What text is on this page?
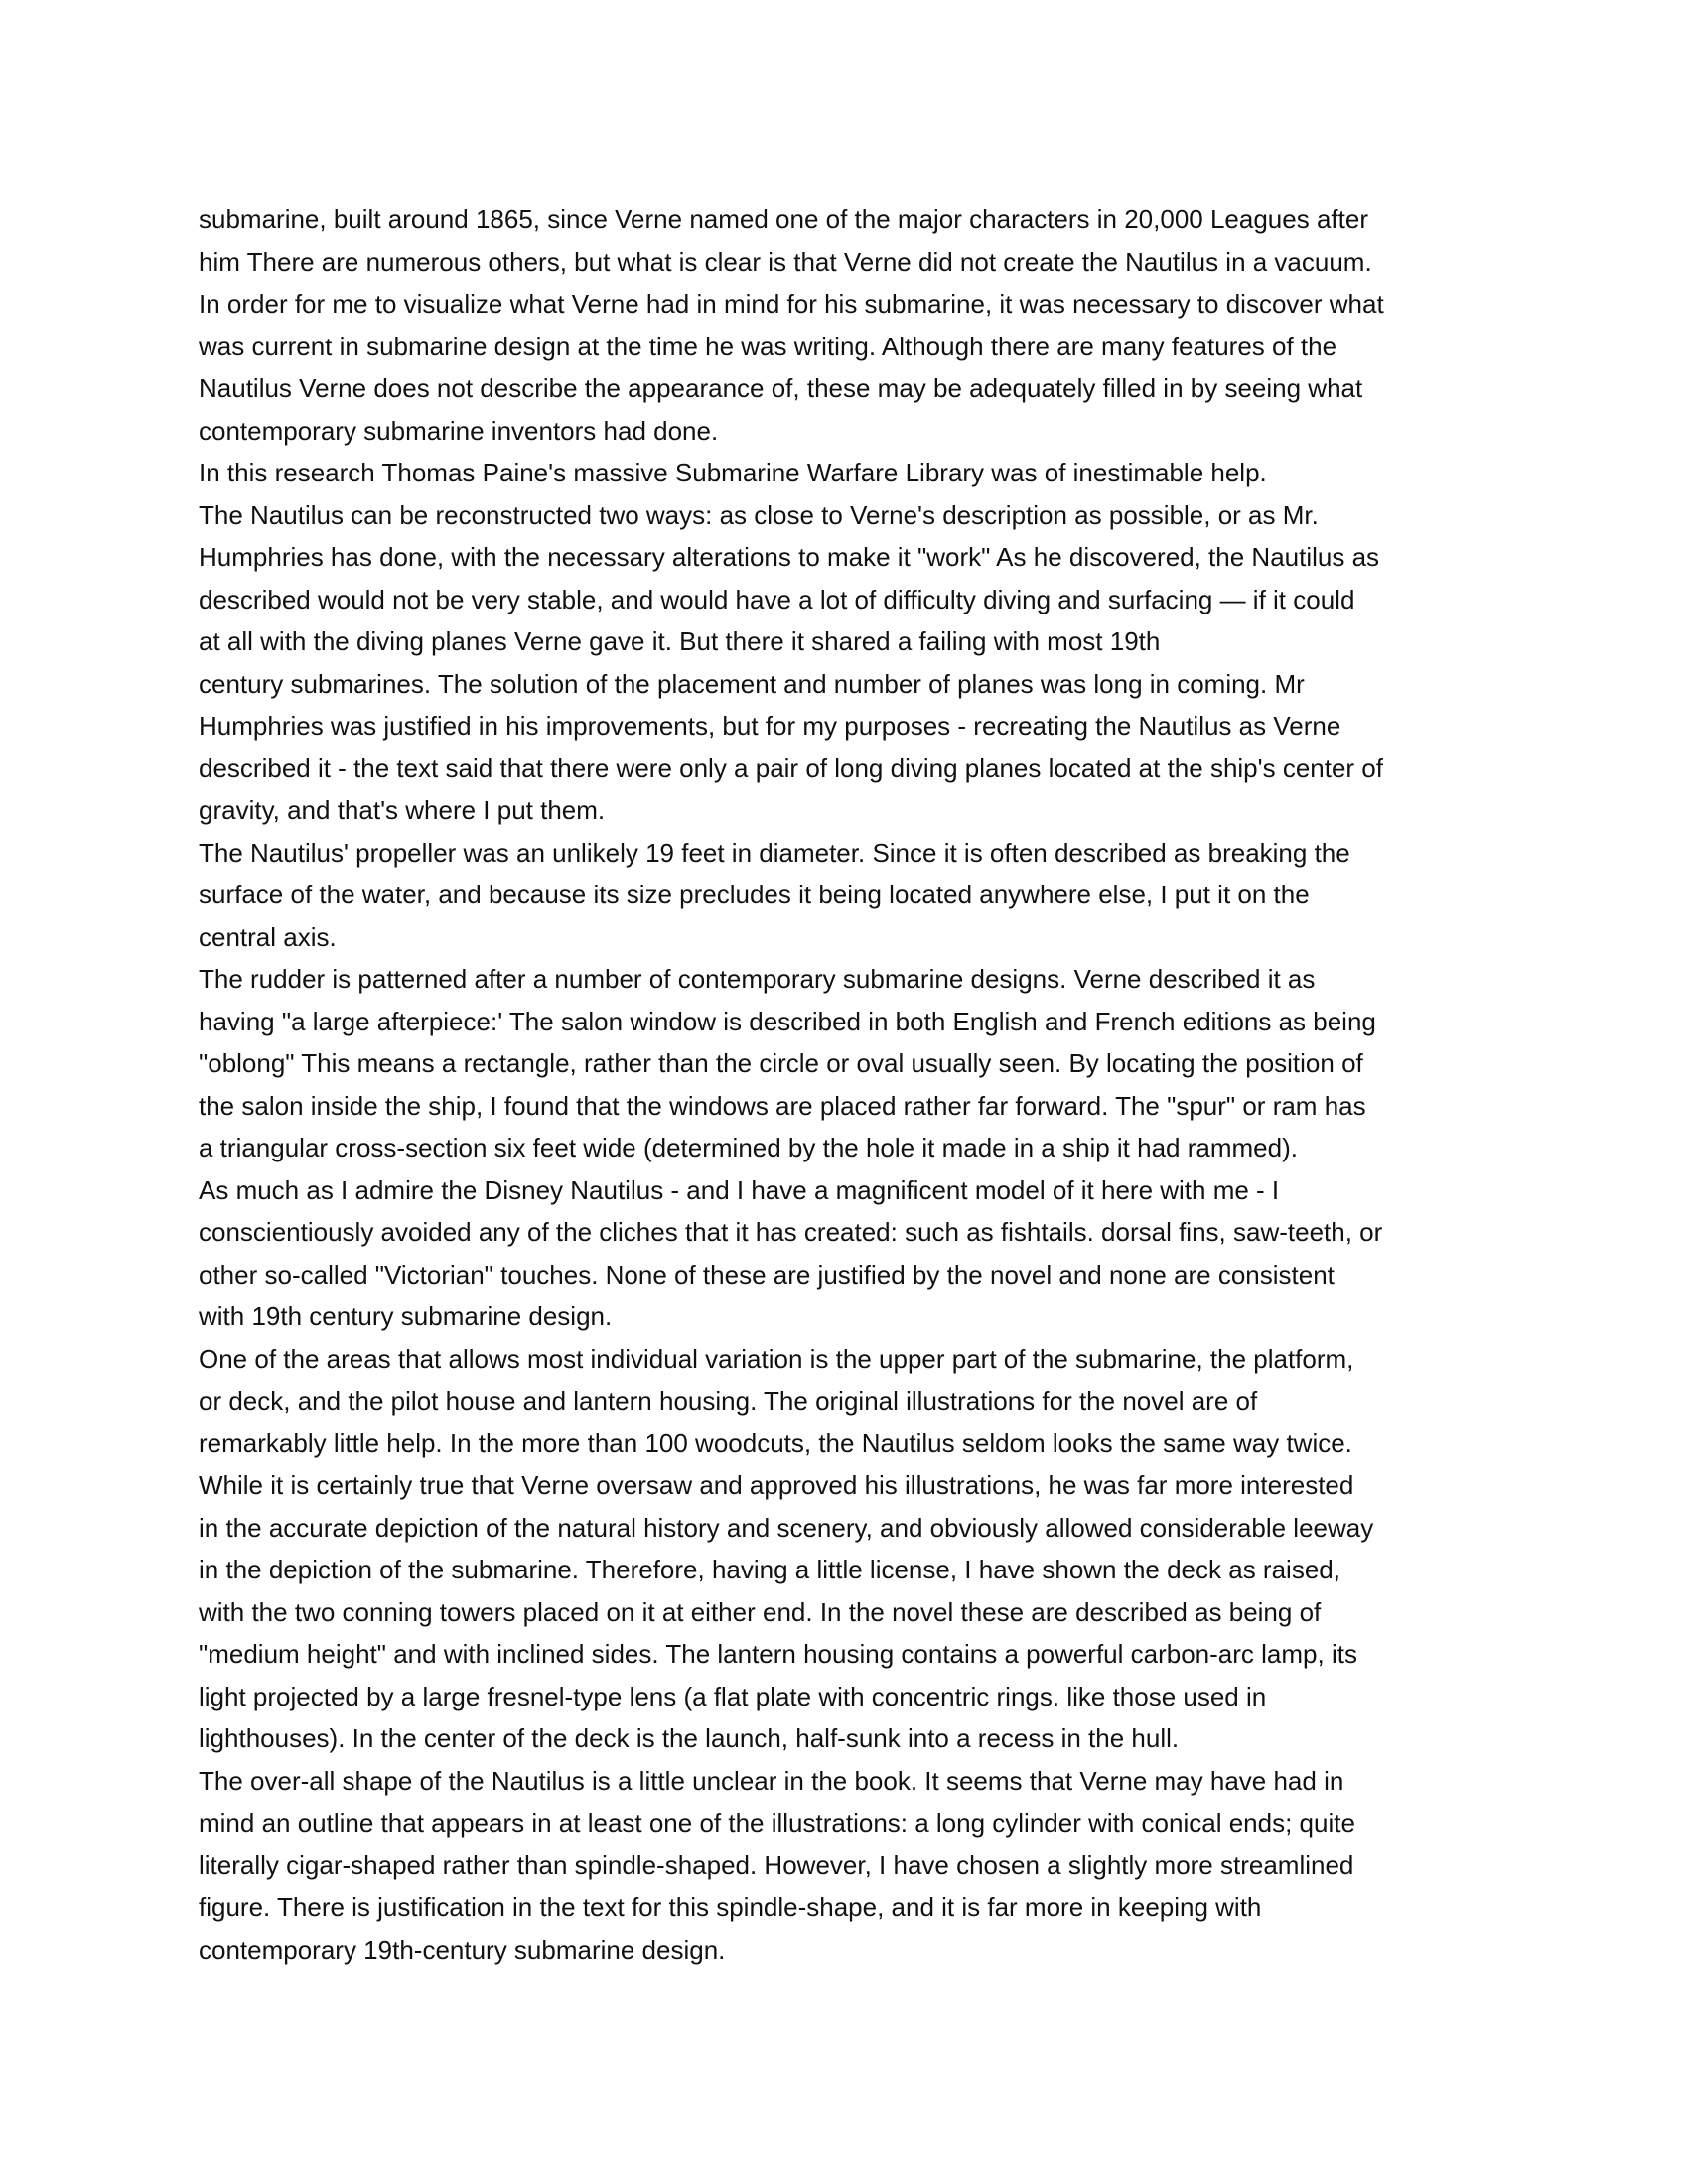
submarine, built around 1865, since Verne named one of the major characters in 20,000 Leagues after
him There are numerous others, but what is clear is that Verne did not create the Nautilus in a vacuum.
In order for me to visualize what Verne had in mind for his submarine, it was necessary to discover what
was current in submarine design at the time he was writing. Although there are many features of the
Nautilus Verne does not describe the appearance of, these may be adequately filled in by seeing what
contemporary submarine inventors had done.
In this research Thomas Paine's massive Submarine Warfare Library was of inestimable help.
The Nautilus can be reconstructed two ways: as close to Verne's description as possible, or as Mr.
Humphries has done, with the necessary alterations to make it "work" As he discovered, the Nautilus as
described would not be very stable, and would have a lot of difficulty diving and surfacing — if it could
at all with the diving planes Verne gave it. But there it shared a failing with most 19th
century submarines. The solution of the placement and number of planes was long in coming. Mr
Humphries was justified in his improvements, but for my purposes - recreating the Nautilus as Verne
described it - the text said that there were only a pair of long diving planes located at the ship's center of
gravity, and that's where I put them.
The Nautilus' propeller was an unlikely 19 feet in diameter. Since it is often described as breaking the
surface of the water, and because its size precludes it being located anywhere else, I put it on the
central axis.
The rudder is patterned after a number of contemporary submarine designs. Verne described it as
having "a large afterpiece:' The salon window is described in both English and French editions as being
"oblong" This means a rectangle, rather than the circle or oval usually seen. By locating the position of
the salon inside the ship, I found that the windows are placed rather far forward. The "spur" or ram has
a triangular cross-section six feet wide (determined by the hole it made in a ship it had rammed).
As much as I admire the Disney Nautilus - and I have a magnificent model of it here with me - I
conscientiously avoided any of the cliches that it has created: such as fishtails. dorsal fins, saw-teeth, or
other so-called "Victorian" touches. None of these are justified by the novel and none are consistent
with 19th century submarine design.
One of the areas that allows most individual variation is the upper part of the submarine, the platform,
or deck, and the pilot house and lantern housing. The original illustrations for the novel are of
remarkably little help. In the more than 100 woodcuts, the Nautilus seldom looks the same way twice.
While it is certainly true that Verne oversaw and approved his illustrations, he was far more interested
in the accurate depiction of the natural history and scenery, and obviously allowed considerable leeway
in the depiction of the submarine. Therefore, having a little license, I have shown the deck as raised,
with the two conning towers placed on it at either end. In the novel these are described as being of
"medium height" and with inclined sides. The lantern housing contains a powerful carbon-arc lamp, its
light projected by a large fresnel-type lens (a flat plate with concentric rings. like those used in
lighthouses). In the center of the deck is the launch, half-sunk into a recess in the hull.
The over-all shape of the Nautilus is a little unclear in the book. It seems that Verne may have had in
mind an outline that appears in at least one of the illustrations: a long cylinder with conical ends; quite
literally cigar-shaped rather than spindle-shaped. However, I have chosen a slightly more streamlined
figure. There is justification in the text for this spindle-shape, and it is far more in keeping with
contemporary 19th-century submarine design.
